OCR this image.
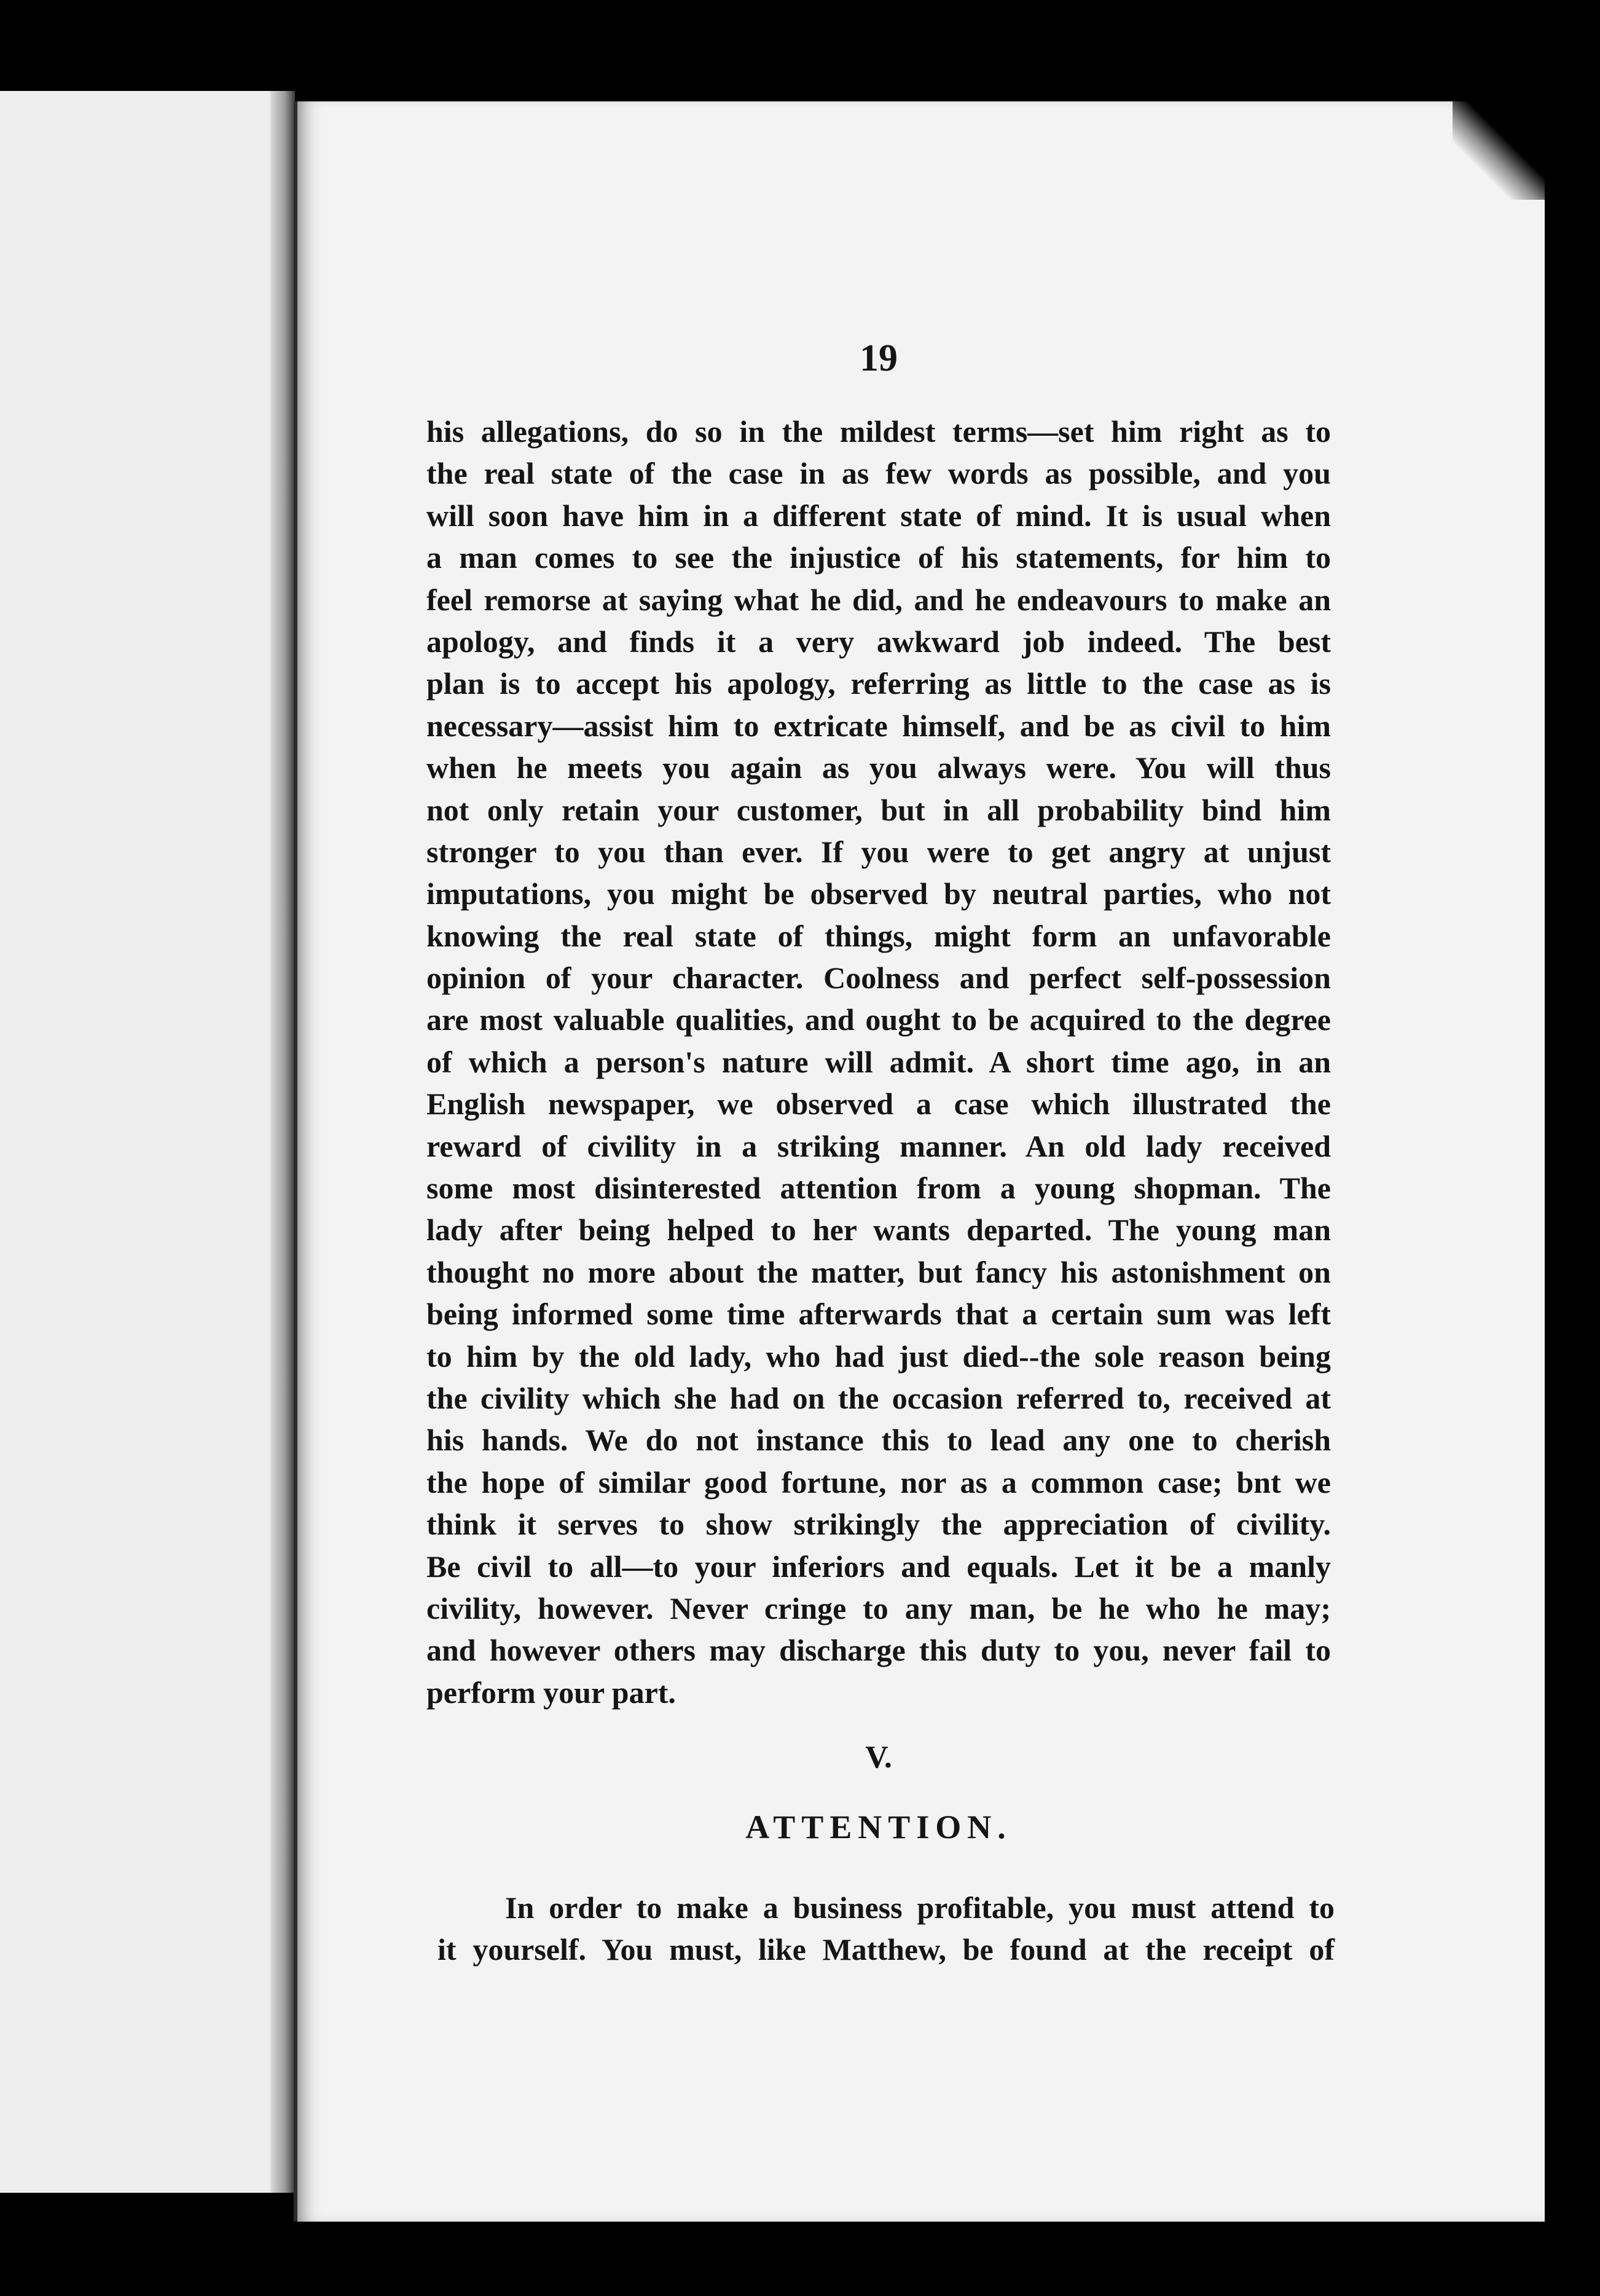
19
his allegations, do so in the mildest terms—set him right as to
the real state of the case in as few words as possible, and you
will soon have him in a different state of mind. It is usual when
a man comes to see the injustice of his statements, for him to
feel remorse at saying what he did, and he endeavours to make an
apology, and finds it a very awkward job indeed. The best
plan is to accept his apology, referring as little to the case as is
necessary—assist him to extricate himself, and be as civil to him
when he meets you again as you always were. You will thus
not only retain your customer, but in all probability bind him
stronger to you than ever. If you were to get angry at unjust
imputations, you might be observed by neutral parties, who not
knowing the real state of things, might form an unfavorable
opinion of your character. Coolness and perfect self-possession
are most valuable qualities, and ought to be acquired to the degree
of which a person's nature will admit. A short time ago, in an
English newspaper, we observed a case which illustrated the
reward of civility in a striking manner. An old lady received
some most disinterested attention from a young shopman. The
lady after being helped to her wants departed. The young man
thought no more about the matter, but fancy his astonishment on
being informed some time afterwards that a certain sum was left
to him by the old lady, who had just died--the sole reason being
the civility which she had on the occasion referred to, received at
his hands. We do not instance this to lead any one to cherish
the hope of similar good fortune, nor as a common case; bnt we
think it serves to show strikingly the appreciation of civility.
Be civil to all—to your inferiors and equals. Let it be a manly
civility, however. Never cringe to any man, be he who he may;
and however others may discharge this duty to you, never fail to
perform your part.
V.
ATTENTION.
In order to make a business profitable, you must attend to
it yourself. You must, like Matthew, be found at the receipt of
